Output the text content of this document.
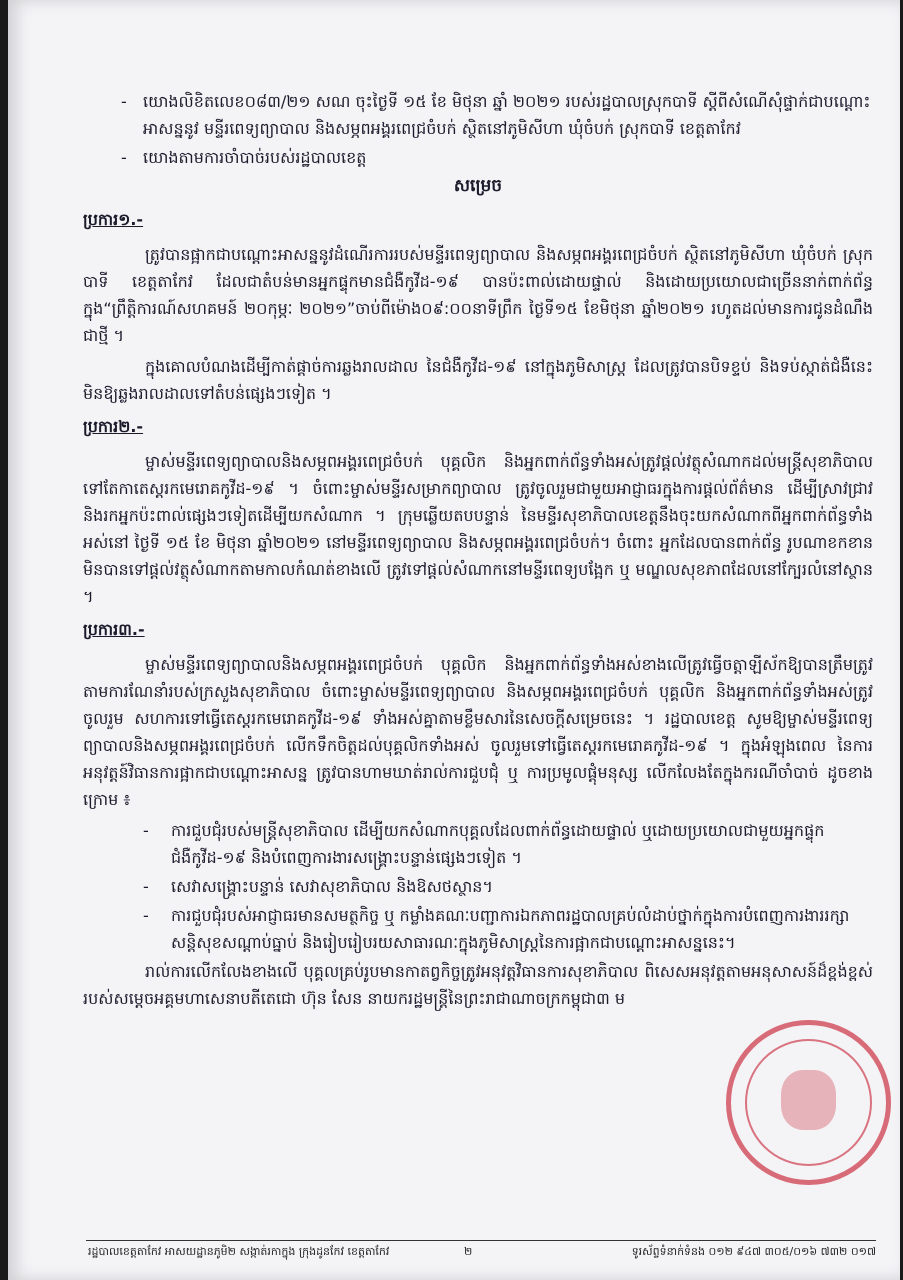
- យោងលិខិតលេខ០៨៣/២១ សណ ចុះថ្ងៃទី ១៥ ខែ មិថុនា ឆ្នាំ ២០២១ របស់រដ្ឋបាលស្រុកបាទី ស្តីពីសំណើសុំផ្ទាក់ជាបណ្តោះអាសន្ននូវ មន្ទីរពេទ្យព្យាបាល និងសម្ភពអង្គរពេជ្រចំបក់ ស្ថិតនៅភូមិសីហា ឃុំចំបក់ ស្រុកបាទី ខេត្តតាកែវ
- យោងតាមការចាំបាច់របស់រដ្ឋបាលខេត្ត
សម្រេច
ប្រការ១.-

ត្រូវបានផ្អាកជាបណ្តោះអាសន្ននូវដំណើរការរបស់មន្ទីរពេទ្យព្យាបាល និងសម្ភពអង្គរពេជ្រចំបក់ ស្ថិតនៅភូមិសីហា ឃុំចំបក់ ស្រុកបាទី ខេត្តតាកែវ ដែលជាតំបន់មានអ្នកផ្ទុកមានជំងឺកូវីដ-១៩ បានប៉ះពាល់ដោយផ្ទាល់ និងដោយប្រយោលជាច្រើននាក់ពាក់ព័ន្ធក្នុង“ព្រឹត្តិការណ៍សហគមន៍ ២០កុម្ភៈ ២០២១”ចាប់ពីម៉ោង០៩:០០នាទីព្រឹក ថ្ងៃទី១៥ ខែមិថុនា ឆ្នាំ២០២១ រហូតដល់មានការជូនដំណឹងជាថ្មី ។

ក្នុងគោលបំណងដើម្បីកាត់ផ្តាច់ការឆ្លងរាលដាល នៃជំងឺកូវីដ-១៩ នៅក្នុងភូមិសាស្ត្រ ដែលត្រូវបានបិទខ្ទប់ និងទប់ស្កាត់ជំងឺនេះមិនឱ្យឆ្លងរាលដាលទៅតំបន់ផ្សេងៗទៀត ។

ប្រការ២.-

ម្ចាស់មន្ទីរពេទ្យព្យាបាលនិងសម្ភពអង្គរពេជ្រចំបក់ បុគ្គលិក និងអ្នកពាក់ព័ន្ធទាំងអស់ត្រូវផ្តល់វត្ថុសំណាកដល់មន្ត្រីសុខាភិបាល ទៅតែកាតេស្តរកមេរោគកូវីដ-១៩ ។ ចំពោះម្ចាស់មន្ទីរសម្រាកព្យាបាល ត្រូវចូលរួមជាមួយអាជ្ញាធរក្នុងការផ្តល់ព័ត៌មាន ដើម្បីស្រាវជ្រាវ និងរកអ្នកប៉ះពាល់ផ្សេងៗទៀតដើម្បីយកសំណាក ។ ក្រុមឆ្លើយតបបន្ទាន់ នៃមន្ទីរសុខាភិបាលខេត្តនឹងចុះយកសំណាកពីអ្នកពាក់ព័ន្ធទាំងអស់នៅ ថ្ងៃទី ១៥ ខែ មិថុនា ឆ្នាំ២០២១ នៅមន្ទីរពេទ្យព្យាបាល និងសម្ភពអង្គរពេជ្រចំបក់។ ចំពោះ អ្នកដែលបានពាក់ព័ន្ធ រូបណាខកខានមិនបានទៅផ្តល់វត្ថុសំណាកតាមកាលកំណត់ខាងលើ ត្រូវទៅផ្តល់សំណាកនៅមន្ទីរពេទ្យបង្អែក ឬ មណ្ឌលសុខភាពដែលនៅក្បែរលំនៅស្ថាន ។

ប្រការ៣.-

ម្ចាស់មន្ទីរពេទ្យព្យាបាលនិងសម្ភពអង្គរពេជ្រចំបក់ បុគ្គលិក និងអ្នកពាក់ព័ន្ធទាំងអស់ខាងលើត្រូវធ្វើចត្តាឡីស័កឱ្យបានត្រឹមត្រូវតាមការណែនាំរបស់ក្រសួងសុខាភិបាល ចំពោះម្ចាស់មន្ទីរពេទ្យព្យាបាល និងសម្ភពអង្គរពេជ្រចំបក់ បុគ្គលិក និងអ្នកពាក់ព័ន្ធទាំងអស់ត្រូវចូលរួម សហការទៅធ្វើតេស្តរកមេរោគកូវីដ-១៩ ទាំងអស់គ្នាតាមខ្លឹមសារនៃសេចក្តីសម្រេចនេះ ។ រដ្ឋបាលខេត្ត សូមឱ្យម្ចាស់មន្ទីរពេទ្យព្យាបាលនិងសម្ភពអង្គរពេជ្រចំបក់ លើកទឹកចិត្តដល់បុគ្គលិកទាំងអស់ ចូលរួមទៅធ្វើតេស្តរកមេរោគកូវីដ-១៩ ។ ក្នុងអំឡុងពេល នៃការអនុវត្តន៍វិធានការផ្អាកជាបណ្តោះអាសន្ន ត្រូវបានហាមឃាត់រាល់ការជួបជុំ ឬ ការប្រមូលផ្តុំមនុស្ស លើកលែងតែក្នុងករណីចាំបាច់ ដូចខាងក្រោម ៖

- ការជួបជុំរបស់មន្ត្រីសុខាភិបាល ដើម្បីយកសំណាកបុគ្គលដែលពាក់ព័ន្ធដោយផ្ទាល់ ឬដោយប្រយោលជាមួយអ្នកផ្ទុកជំងឺកូវីដ-១៩ និងបំពេញការងារសង្គ្រោះបន្ទាន់ផ្សេងៗទៀត ។
- សេវាសង្គ្រោះបន្ទាន់ សេវាសុខាភិបាល និងឱសថស្ថាន។
- ការជួបជុំរបស់អាជ្ញាធរមានសមត្ថកិច្ច ឬ កម្លាំងគណៈបញ្ជាការឯកភាពរដ្ឋបាលគ្រប់លំដាប់ថ្នាក់ក្នុងការបំពេញការងាររក្សាសន្តិសុខសណ្តាប់ធ្នាប់ និងរៀបរៀបរយសាធារណៈក្នុងភូមិសាស្ត្រនៃការផ្អាកជាបណ្តោះអាសន្ននេះ។

រាល់ការលើកលែងខាងលើ បុគ្គលគ្រប់រូបមានកាតព្វកិច្ចត្រូវអនុវត្តវិធានការសុខាភិបាល ពិសេសអនុវត្តតាមអនុសាសន៍ដ៏ខ្ពង់ខ្ពស់ របស់សម្តេចអគ្គមហាសេនាបតីតេជោ ហ៊ុន សែន នាយករដ្ឋមន្ត្រីនៃព្រះរាជាណាចក្រកម្ពុជា៣ ម

រដ្ឋបាលខេត្តតាកែវ អាសយដ្ឋានភូមិ២ សង្កាត់រកាក្នុង ក្រុងដូនកែវ ខេត្តតាកែវ	២	ទូរស័ព្ទទំនាក់ទំនង ០១២ ៩៤៧ ៣០៥/០១៦ ៧៣២ ០១៧
